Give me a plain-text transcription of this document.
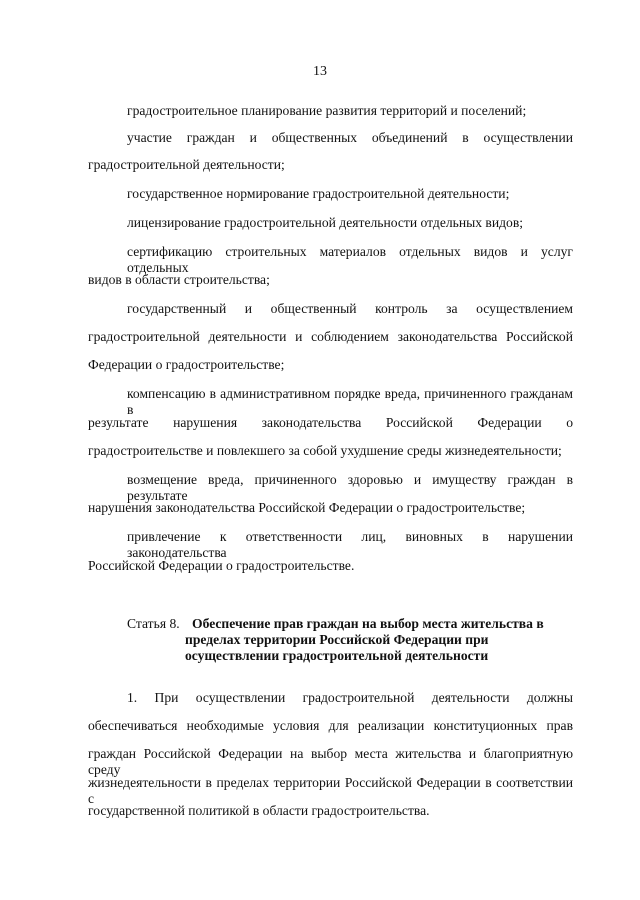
13
градостроительное планирование развития территорий и поселений;
участие граждан и общественных объединений в осуществлении
градостроительной деятельности;
государственное нормирование градостроительной деятельности;
лицензирование градостроительной деятельности отдельных видов;
сертификацию строительных материалов отдельных видов и услуг отдельных
видов в области строительства;
государственный и общественный контроль за осуществлением
градостроительной деятельности и соблюдением законодательства Российской
Федерации о градостроительстве;
компенсацию в административном порядке вреда, причиненного гражданам в
результате нарушения законодательства Российской Федерации о
градостроительстве и повлекшего за собой ухудшение среды жизнедеятельности;
возмещение вреда, причиненного здоровью и имуществу граждан в результате
нарушения законодательства Российской Федерации о градостроительстве;
привлечение к ответственности лиц, виновных в нарушении законодательства
Российской Федерации о градостроительстве.
Статья 8. Обеспечение прав граждан на выбор места жительства в
пределах территории Российской Федерации при
осуществлении градостроительной деятельности
1. При осуществлении градостроительной деятельности должны
обеспечиваться необходимые условия для реализации конституционных прав
граждан Российской Федерации на выбор места жительства и благоприятную среду
жизнедеятельности в пределах территории Российской Федерации в соответствии с
государственной политикой в области градостроительства.
